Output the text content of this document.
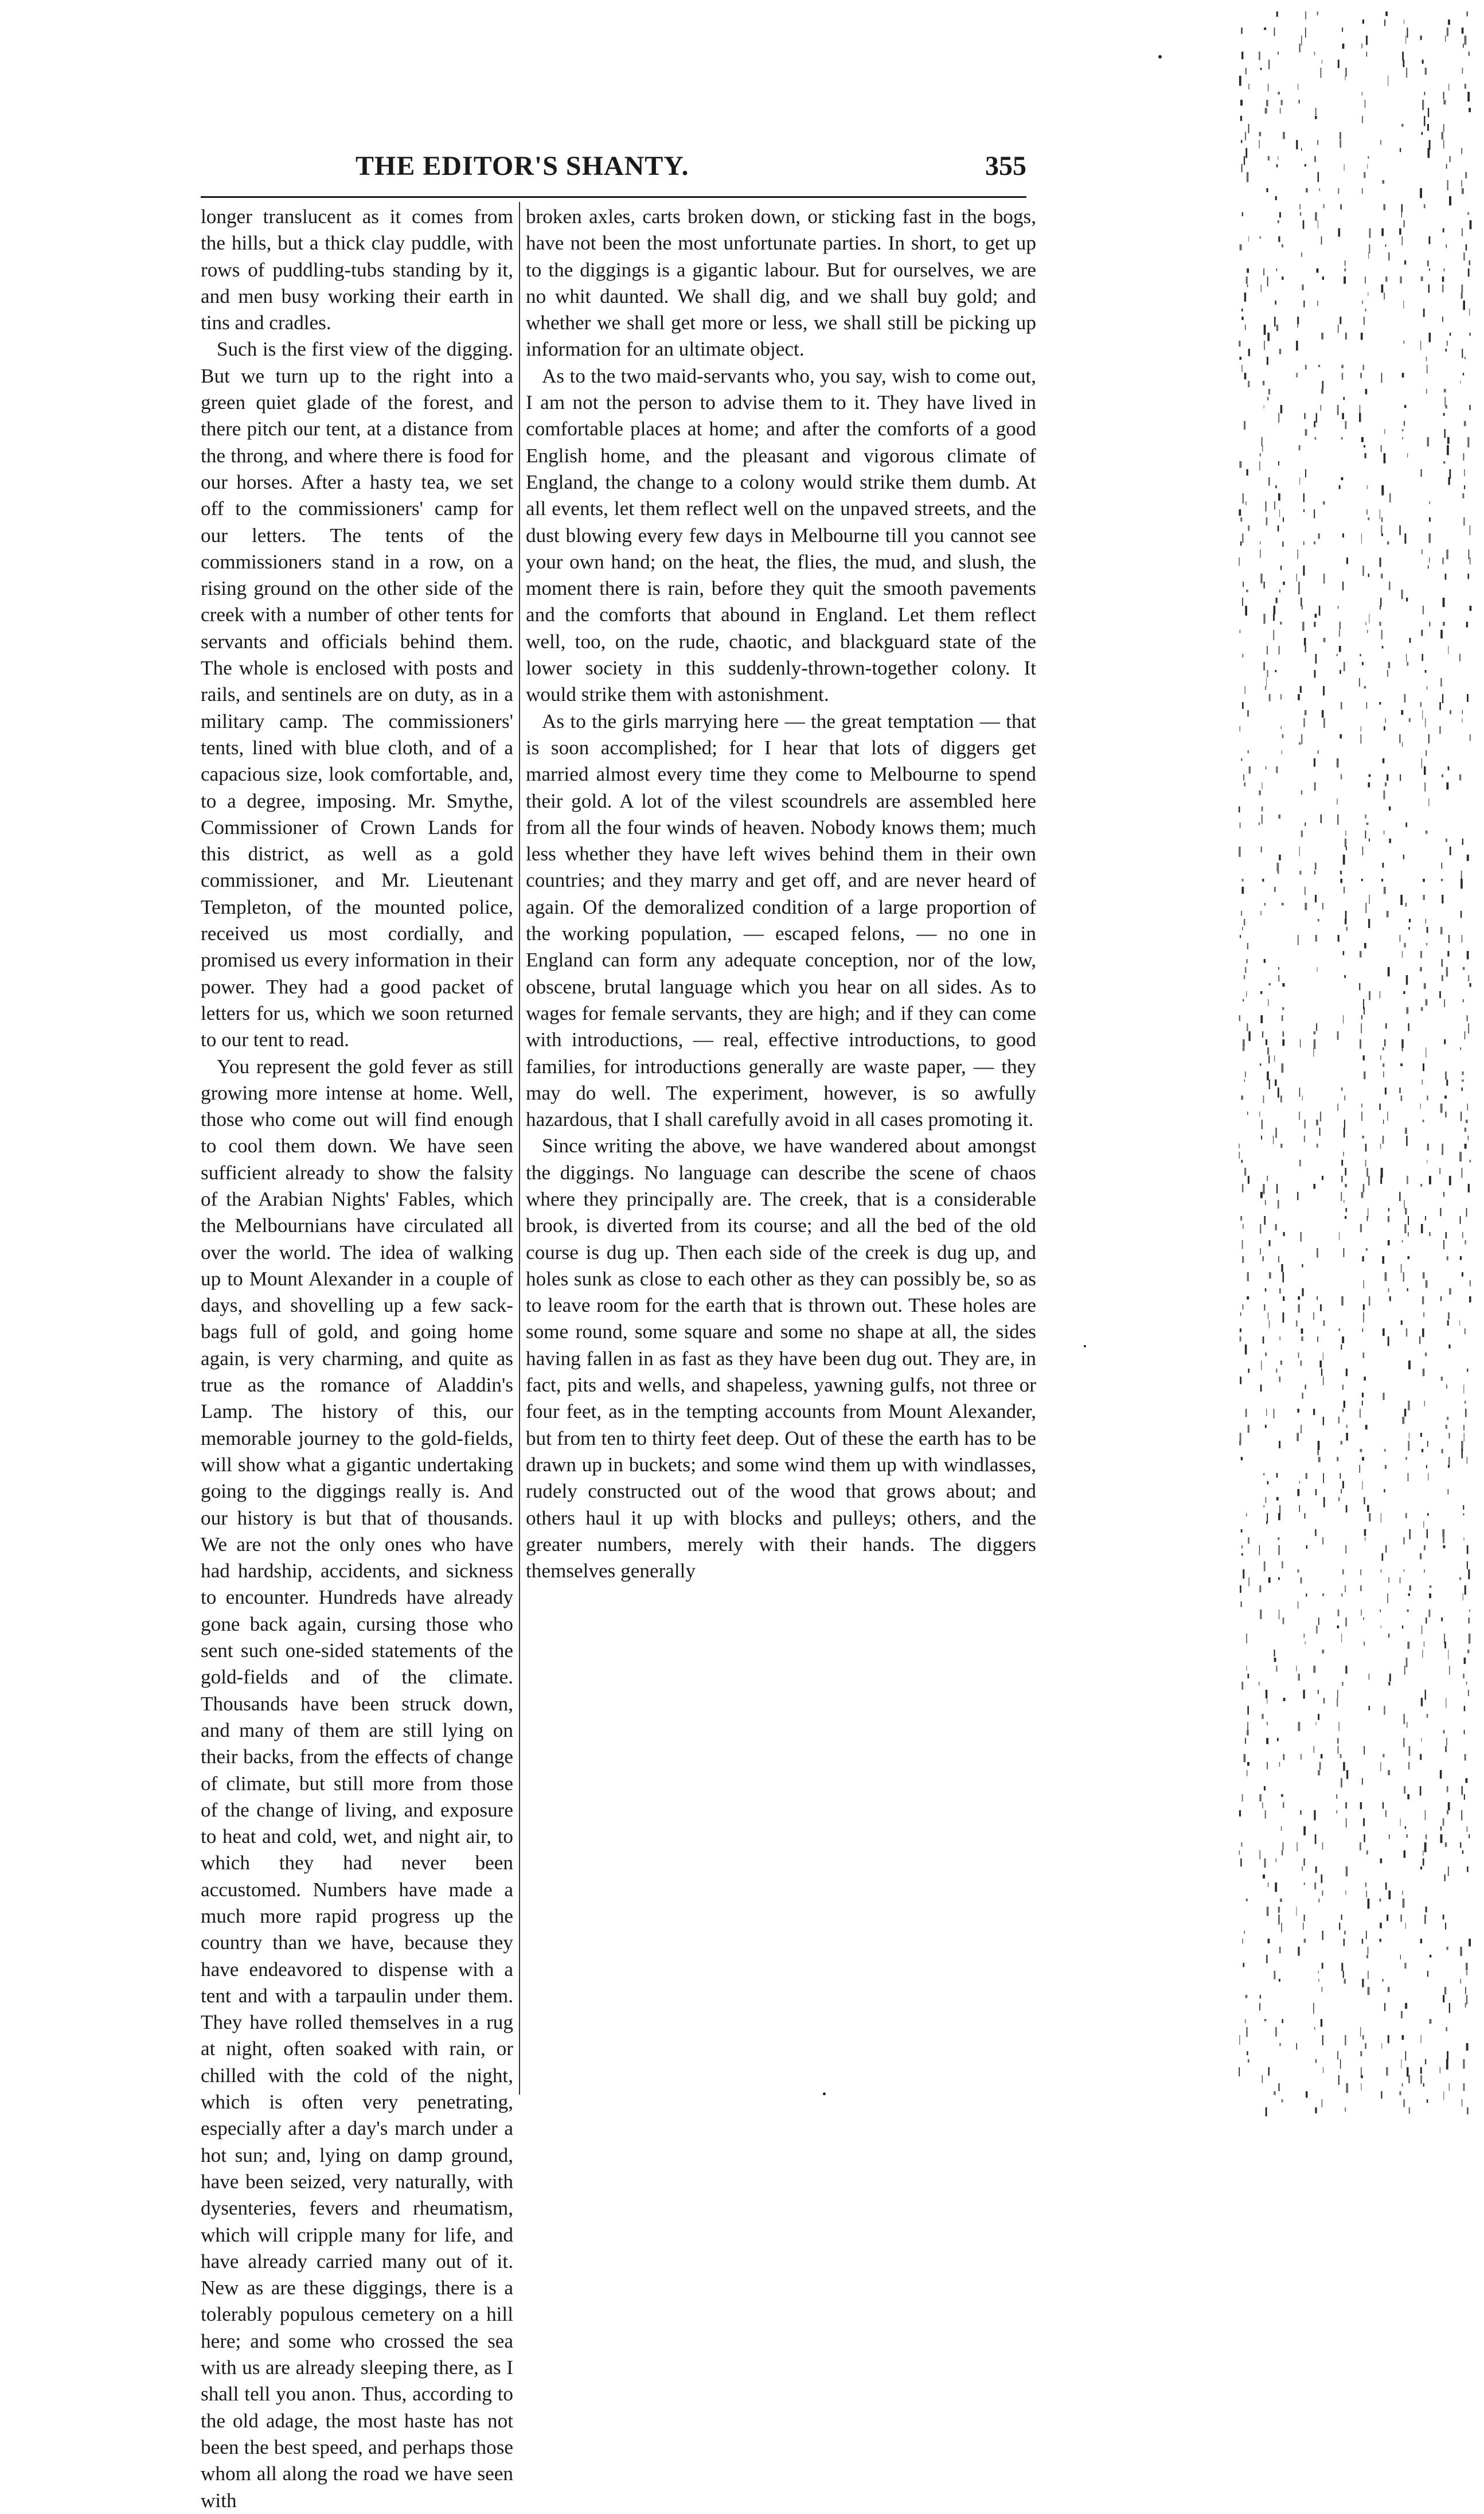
THE EDITOR'S SHANTY.	355

longer translucent as it comes from the hills, but a thick clay puddle, with rows of puddling-tubs standing by it, and men busy working their earth in tins and cradles.

Such is the first view of the digging. But we turn up to the right into a green quiet glade of the forest, and there pitch our tent, at a distance from the throng, and where there is food for our horses. After a hasty tea, we set off to the commissioners' camp for our letters. The tents of the commissioners stand in a row, on a rising ground on the other side of the creek with a number of other tents for servants and officials behind them. The whole is enclosed with posts and rails, and sentinels are on duty, as in a military camp. The commissioners' tents, lined with blue cloth, and of a capacious size, look comfortable, and, to a degree, imposing. Mr. Smythe, Commissioner of Crown Lands for this district, as well as a gold commissioner, and Mr. Lieutenant Templeton, of the mounted police, received us most cordially, and promised us every information in their power. They had a good packet of letters for us, which we soon returned to our tent to read.

You represent the gold fever as still growing more intense at home. Well, those who come out will find enough to cool them down. We have seen sufficient already to show the falsity of the Arabian Nights' Fables, which the Melbournians have circulated all over the world. The idea of walking up to Mount Alexander in a couple of days, and shovelling up a few sack-bags full of gold, and going home again, is very charming, and quite as true as the romance of Aladdin's Lamp. The history of this, our memorable journey to the gold-fields, will show what a gigantic undertaking going to the diggings really is. And our history is but that of thousands. We are not the only ones who have had hardship, accidents, and sickness to encounter. Hundreds have already gone back again, cursing those who sent such one-sided statements of the gold-fields and of the climate. Thousands have been struck down, and many of them are still lying on their backs, from the effects of change of climate, but still more from those of the change of living, and exposure to heat and cold, wet, and night air, to which they had never been accustomed. Numbers have made a much more rapid progress up the country than we have, because they have endeavored to dispense with a tent and with a tarpaulin under them. They have rolled themselves in a rug at night, often soaked with rain, or chilled with the cold of the night, which is often very penetrating, especially after a day's march under a hot sun; and, lying on damp ground, have been seized, very naturally, with dysenteries, fevers and rheumatism, which will cripple many for life, and have already carried many out of it. New as are these diggings, there is a tolerably populous cemetery on a hill here; and some who crossed the sea with us are already sleeping there, as I shall tell you anon. Thus, according to the old adage, the most haste has not been the best speed, and perhaps those whom all along the road we have seen with

broken axles, carts broken down, or sticking fast in the bogs, have not been the most unfortunate parties. In short, to get up to the diggings is a gigantic labour. But for ourselves, we are no whit daunted. We shall dig, and we shall buy gold; and whether we shall get more or less, we shall still be picking up information for an ultimate object.

As to the two maid-servants who, you say, wish to come out, I am not the person to advise them to it. They have lived in comfortable places at home; and after the comforts of a good English home, and the pleasant and vigorous climate of England, the change to a colony would strike them dumb. At all events, let them reflect well on the unpaved streets, and the dust blowing every few days in Melbourne till you cannot see your own hand; on the heat, the flies, the mud, and slush, the moment there is rain, before they quit the smooth pavements and the comforts that abound in England. Let them reflect well, too, on the rude, chaotic, and blackguard state of the lower society in this suddenly-thrown-together colony. It would strike them with astonishment.

As to the girls marrying here — the great temptation — that is soon accomplished; for I hear that lots of diggers get married almost every time they come to Melbourne to spend their gold. A lot of the vilest scoundrels are assembled here from all the four winds of heaven. Nobody knows them; much less whether they have left wives behind them in their own countries; and they marry and get off, and are never heard of again. Of the demoralized condition of a large proportion of the working population, — escaped felons, — no one in England can form any adequate conception, nor of the low, obscene, brutal language which you hear on all sides. As to wages for female servants, they are high; and if they can come with introductions, — real, effective introductions, to good families, for introductions generally are waste paper, — they may do well. The experiment, however, is so awfully hazardous, that I shall carefully avoid in all cases promoting it.

Since writing the above, we have wandered about amongst the diggings. No language can describe the scene of chaos where they principally are. The creek, that is a considerable brook, is diverted from its course; and all the bed of the old course is dug up. Then each side of the creek is dug up, and holes sunk as close to each other as they can possibly be, so as to leave room for the earth that is thrown out. These holes are some round, some square and some no shape at all, the sides having fallen in as fast as they have been dug out. They are, in fact, pits and wells, and shapeless, yawning gulfs, not three or four feet, as in the tempting accounts from Mount Alexander, but from ten to thirty feet deep. Out of these the earth has to be drawn up in buckets; and some wind them up with windlasses, rudely constructed out of the wood that grows about; and others haul it up with blocks and pulleys; others, and the greater numbers, merely with their hands. The diggers themselves generally
